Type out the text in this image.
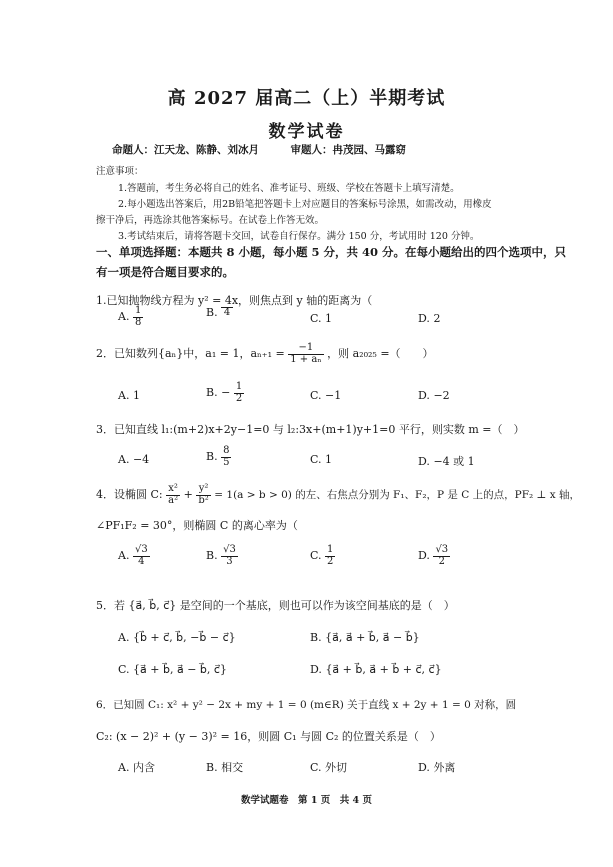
高 2027 届高二（上）半期考试
数学试卷
命题人：江天龙、陈静、刘冰月　　　审题人：冉茂园、马露窈
注意事项：
1.答题前，考生务必将自己的姓名、准考证号、班级、学校在答题卡上填写清楚。
2.每小题选出答案后，用2B铅笔把答题卡上对应题目的答案标号涂黑，如需改动，用橡皮
擦干净后，再选涂其他答案标号。在试卷上作答无效。
3.考试结束后，请将答题卡交回，试卷自行保存。满分 150 分，考试用时 120 分钟。
一、单项选择题：本题共 8 小题，每小题 5 分，共 40 分。在每小题给出的四个选项中，只
有一项是符合题目要求的。
1.已知抛物线方程为 y² = 4x，则焦点到 y 轴的距离为（
A. $\frac{1}{8}$	B. 4	C. 1	D. 2
2．已知数列{aₙ}中，a₁ = 1，$a_{n+1} = \frac{-1}{\text{1 + aₙ}}$ ，则 a₂₀₂₅ =（　　）
A. 1	B. − $\frac{1}{2}$	C. −1	D. −2
3．已知直线 l₁:(m+2)x+2y−1=0 与 l₂:3x+(m+1)y+1=0 平行，则实数 m =（　）
A. −4	B. $\frac{8}{5}$	C. 1	D. −4 或 1
4．设椭圆 C: $\frac{\text{x²}}{\text{a²}} + \frac{\text{y²}}{\text{b²}} = 1(a > b > 0)$ 的左、右焦点分别为 F₁、F₂，P 是 C 上的点，PF₂ ⊥ x 轴，
∠PF₁F₂ = 30°，则椭圆 C 的离心率为（
A. $\frac{√3}{4}$	B. $\frac{√3}{3}$	C. $\frac{1}{2}$	D. $\frac{√3}{2}$
5．若 {a⃗, b⃗, c⃗} 是空间的一个基底，则也可以作为该空间基底的是（　）
A. {b⃗ + c⃗, b⃗, −b⃗ − c⃗}	B. {a⃗, a⃗ + b⃗, a⃗ − b⃗}
C. {a⃗ + b⃗, a⃗ − b⃗, c⃗}	D. {a⃗ + b⃗, a⃗ + b⃗ + c⃗, c⃗}
6．已知圆 C₁: x² + y² − 2x + my + 1 = 0 (m∈R) 关于直线 x + 2y + 1 = 0 对称，圆
C₂: (x − 2)² + (y − 3)² = 16，则圆 C₁ 与圆 C₂ 的位置关系是（　）
A. 内含	B. 相交	C. 外切	D. 外离
数学试题卷　第 1 页　共 4 页
